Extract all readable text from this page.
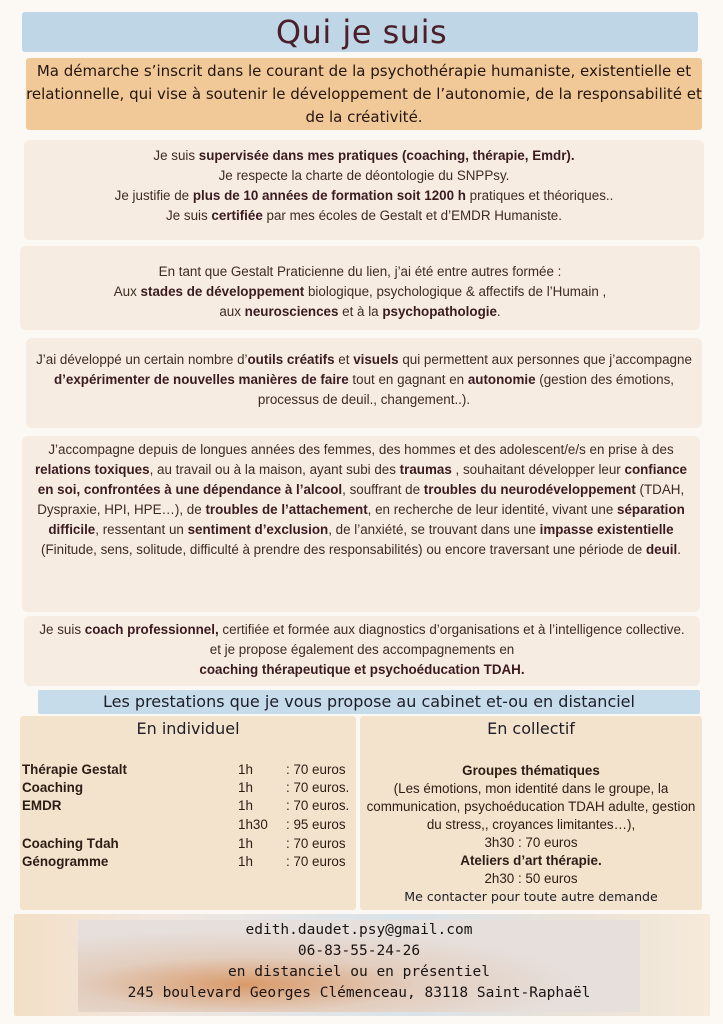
Qui je suis
Ma démarche s’inscrit dans le courant de la psychothérapie humaniste, existentielle et relationnelle, qui vise à soutenir le développement de l’autonomie, de la responsabilité et de la créativité.
Je suis supervisée dans mes pratiques (coaching, thérapie, Emdr).
Je respecte la charte de déontologie du SNPPsy.
Je justifie de plus de 10 années de formation soit 1200 h pratiques et théoriques..
Je suis certifiée par mes écoles de Gestalt et d’EMDR Humaniste.
En tant que Gestalt Praticienne du lien, j’ai été entre autres formée :
Aux stades de développement biologique, psychologique & affectifs de l’Humain ,
aux neurosciences et à la psychopathologie.
J’ai développé un certain nombre d’outils créatifs et visuels qui permettent aux personnes que j’accompagne d’expérimenter de nouvelles manières de faire tout en gagnant en autonomie (gestion des émotions, processus de deuil., changement..).
J’accompagne depuis de longues années des femmes, des hommes et des adolescent/e/s en prise à des relations toxiques, au travail ou à la maison, ayant subi des traumas , souhaitant développer leur confiance en soi, confrontées à une dépendance à l’alcool, souffrant de troubles du neurodéveloppement (TDAH, Dyspraxie, HPI, HPE…), de troubles de l’attachement, en recherche de leur identité, vivant une séparation difficile, ressentant un sentiment d’exclusion, de l’anxiété, se trouvant dans une impasse existentielle (Finitude, sens, solitude, difficulté à prendre des responsabilités) ou encore traversant une période de deuil.
Je suis coach professionnel, certifiée et formée aux diagnostics d’organisations et à l’intelligence collective. et je propose également des accompagnements en
coaching thérapeutique et psychoéducation TDAH.
Les prestations que je vous propose au cabinet et-ou en distanciel
En individuel	En collectif
Thérapie Gestalt	1h : 70 euros
Coaching	1h : 70 euros.
EMDR	1h : 70 euros.
1h30 : 95 euros
Coaching Tdah	1h : 70 euros
Génogramme	1h : 70 euros
Groupes thématiques
(Les émotions, mon identité dans le groupe, la communication, psychoéducation TDAH adulte, gestion du stress,, croyances limitantes…),
3h30 : 70 euros
Ateliers d’art thérapie.
2h30 : 50 euros
Me contacter pour toute autre demande
edith.daudet.psy@gmail.com
06-83-55-24-26
en distanciel ou en présentiel
245 boulevard Georges Clémenceau, 83118 Saint-Raphaël
